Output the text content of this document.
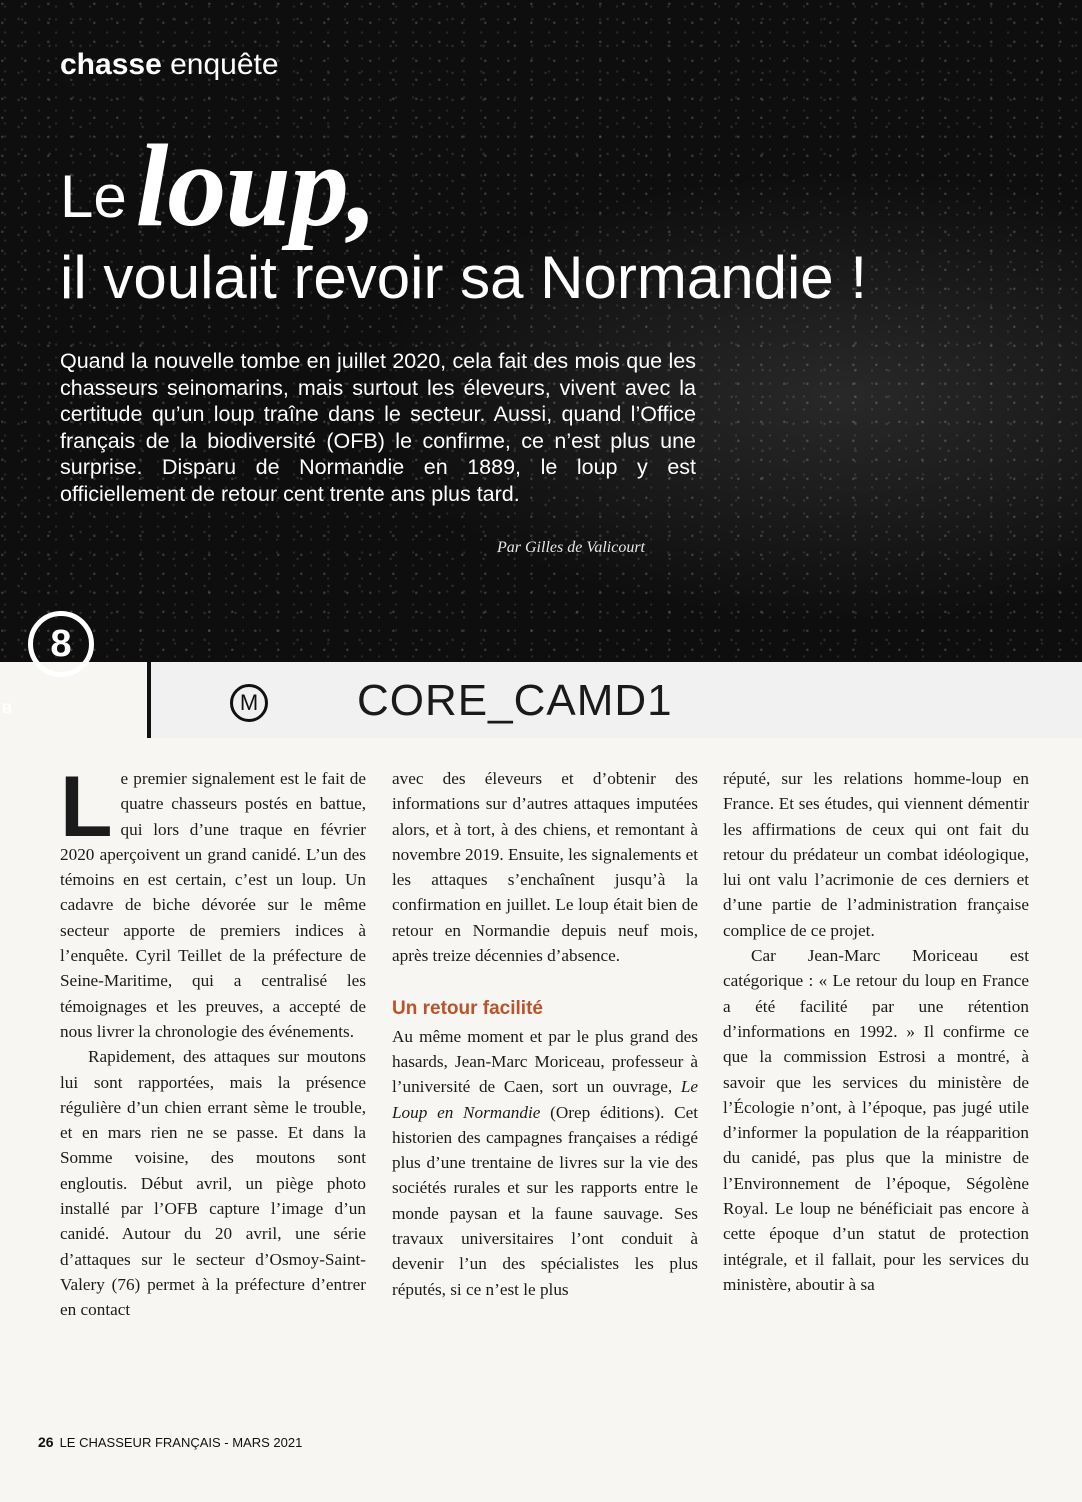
chasse enquête
Le loup,
il voulait revoir sa Normandie !

Quand la nouvelle tombe en juillet 2020, cela fait des mois que les chasseurs seinomarins, mais surtout les éleveurs, vivent avec la certitude qu’un loup traîne dans le secteur. Aussi, quand l’Office français de la biodiversité (OFB) le confirme, ce n’est plus une surprise. Disparu de Normandie en 1889, le loup y est officiellement de retour cent trente ans plus tard.

Par Gilles de Valicourt

8
B	M CORE_CAMD1

Le premier signalement est le fait de quatre chasseurs postés en battue, qui lors d’une traque en février 2020 aperçoivent un grand canidé. L’un des témoins en est certain, c’est un loup. Un cadavre de biche dévorée sur le même secteur apporte de premiers indices à l’enquête. Cyril Teillet de la préfecture de Seine-Maritime, qui a centralisé les témoignages et les preuves, a accepté de nous livrer la chronologie des événements.

Rapidement, des attaques sur moutons lui sont rapportées, mais la présence régulière d’un chien errant sème le trouble, et en mars rien ne se passe. Et dans la Somme voisine, des moutons sont engloutis. Début avril, un piège photo installé par l’OFB capture l’image d’un canidé. Autour du 20 avril, une série d’attaques sur le secteur d’Osmoy-Saint-Valery (76) permet à la préfecture d’entrer en contact

avec des éleveurs et d’obtenir des informations sur d’autres attaques imputées alors, et à tort, à des chiens, et remontant à novembre 2019. Ensuite, les signalements et les attaques s’enchaînent jusqu’à la confirmation en juillet. Le loup était bien de retour en Normandie depuis neuf mois, après treize décennies d’absence.

Un retour facilité

Au même moment et par le plus grand des hasards, Jean-Marc Moriceau, professeur à l’université de Caen, sort un ouvrage, Le Loup en Normandie (Orep éditions). Cet historien des campagnes françaises a rédigé plus d’une trentaine de livres sur la vie des sociétés rurales et sur les rapports entre le monde paysan et la faune sauvage. Ses travaux universitaires l’ont conduit à devenir l’un des spécialistes les plus réputés, si ce n’est le plus

réputé, sur les relations homme-loup en France. Et ses études, qui viennent démentir les affirmations de ceux qui ont fait du retour du prédateur un combat idéologique, lui ont valu l’acrimonie de ces derniers et d’une partie de l’administration française complice de ce projet.

Car Jean-Marc Moriceau est catégorique : « Le retour du loup en France a été facilité par une rétention d’informations en 1992. » Il confirme ce que la commission Estrosi a montré, à savoir que les services du ministère de l’Écologie n’ont, à l’époque, pas jugé utile d’informer la population de la réapparition du canidé, pas plus que la ministre de l’Environnement de l’époque, Ségolène Royal. Le loup ne bénéficiait pas encore à cette époque d’un statut de protection intégrale, et il fallait, pour les services du ministère, aboutir à sa

26 LE CHASSEUR FRANÇAIS - MARS 2021
